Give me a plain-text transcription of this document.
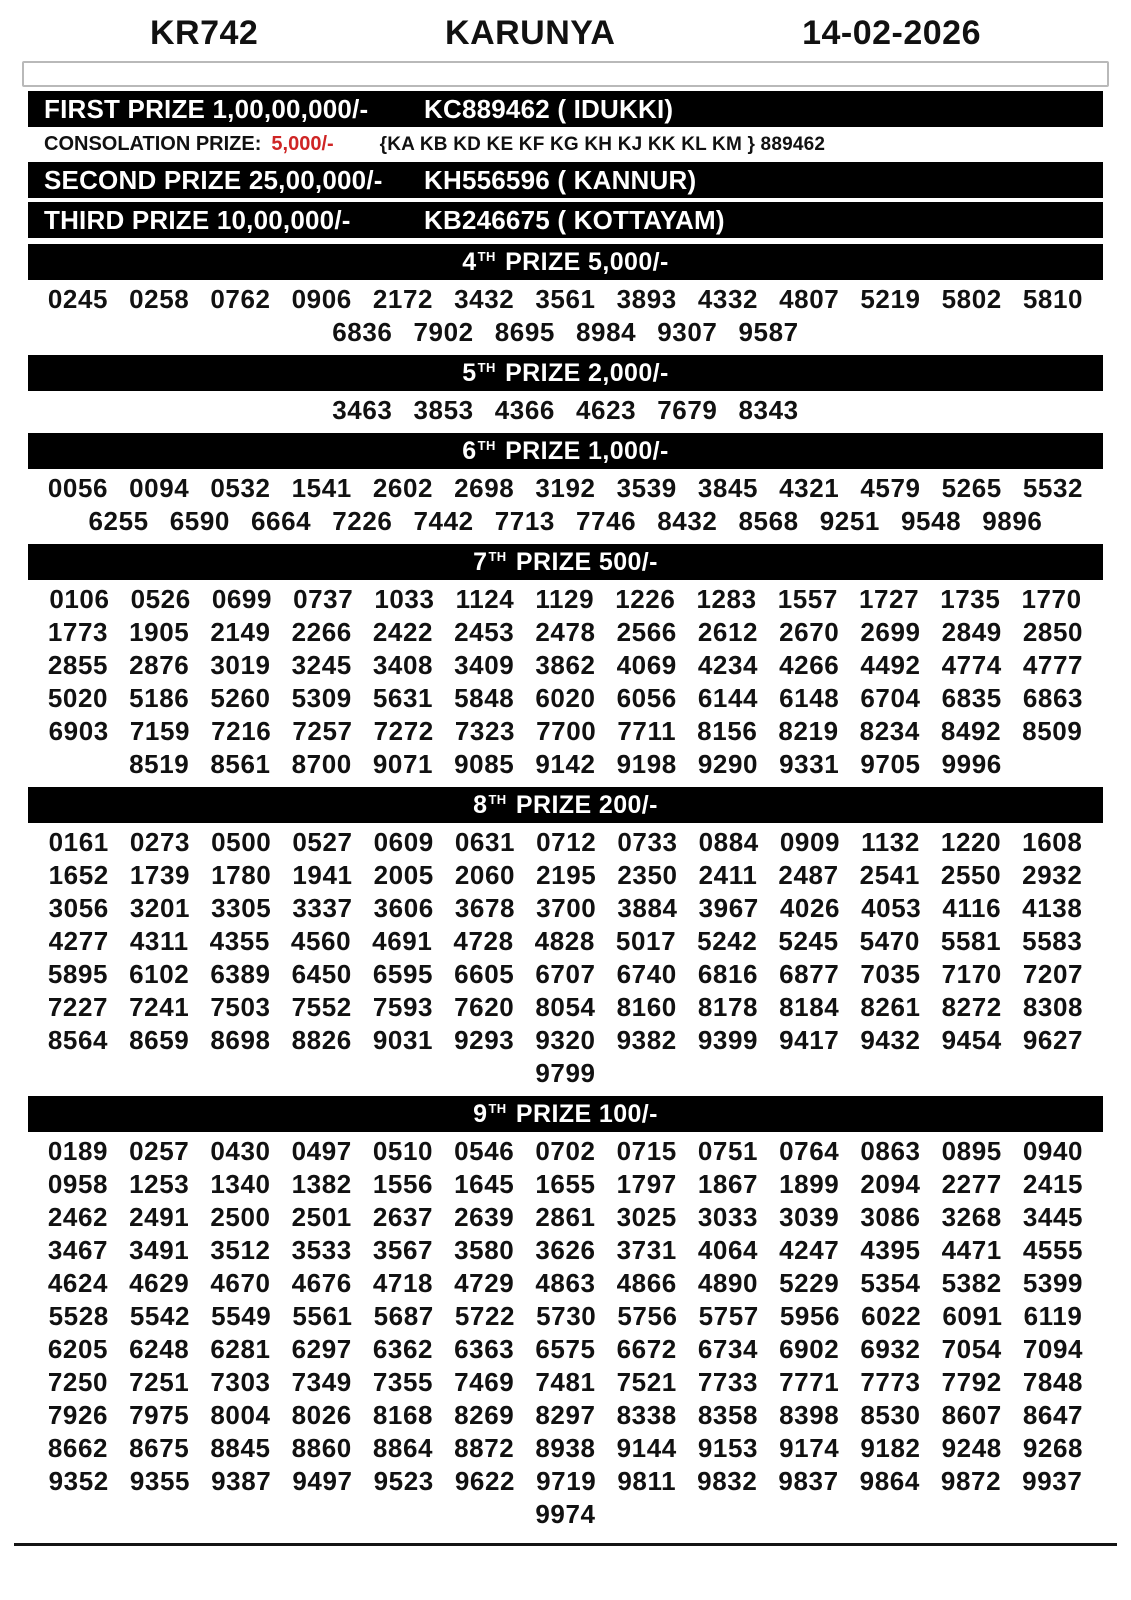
KR742	KARUNYA	14-02-2026
FIRST PRIZE 1,00,00,000/-	KC889462 ( IDUKKI)
CONSOLATION PRIZE: 5,000/- {KA KB KD KE KF KG KH KJ KK KL KM } 889462
SECOND PRIZE 25,00,000/-	KH556596 ( KANNUR)
THIRD PRIZE 10,00,000/-	KB246675 ( KOTTAYAM)
4 TH PRIZE 5,000/-
0245 0258 0762 0906 2172 3432 3561 3893 4332 4807 5219 5802 5810
6836 7902 8695 8984 9307 9587
5 TH PRIZE 2,000/-
3463 3853 4366 4623 7679 8343
6 TH PRIZE 1,000/-
0056 0094 0532 1541 2602 2698 3192 3539 3845 4321 4579 5265 5532
6255 6590 6664 7226 7442 7713 7746 8432 8568 9251 9548 9896
7 TH PRIZE 500/-
0106 0526 0699 0737 1033 1124 1129 1226 1283 1557 1727 1735 1770
1773 1905 2149 2266 2422 2453 2478 2566 2612 2670 2699 2849 2850
2855 2876 3019 3245 3408 3409 3862 4069 4234 4266 4492 4774 4777
5020 5186 5260 5309 5631 5848 6020 6056 6144 6148 6704 6835 6863
6903 7159 7216 7257 7272 7323 7700 7711 8156 8219 8234 8492 8509
8519 8561 8700 9071 9085 9142 9198 9290 9331 9705 9996
8 TH PRIZE 200/-
0161 0273 0500 0527 0609 0631 0712 0733 0884 0909 1132 1220 1608
1652 1739 1780 1941 2005 2060 2195 2350 2411 2487 2541 2550 2932
3056 3201 3305 3337 3606 3678 3700 3884 3967 4026 4053 4116 4138
4277 4311 4355 4560 4691 4728 4828 5017 5242 5245 5470 5581 5583
5895 6102 6389 6450 6595 6605 6707 6740 6816 6877 7035 7170 7207
7227 7241 7503 7552 7593 7620 8054 8160 8178 8184 8261 8272 8308
8564 8659 8698 8826 9031 9293 9320 9382 9399 9417 9432 9454 9627
9799
9 TH PRIZE 100/-
0189 0257 0430 0497 0510 0546 0702 0715 0751 0764 0863 0895 0940
0958 1253 1340 1382 1556 1645 1655 1797 1867 1899 2094 2277 2415
2462 2491 2500 2501 2637 2639 2861 3025 3033 3039 3086 3268 3445
3467 3491 3512 3533 3567 3580 3626 3731 4064 4247 4395 4471 4555
4624 4629 4670 4676 4718 4729 4863 4866 4890 5229 5354 5382 5399
5528 5542 5549 5561 5687 5722 5730 5756 5757 5956 6022 6091 6119
6205 6248 6281 6297 6362 6363 6575 6672 6734 6902 6932 7054 7094
7250 7251 7303 7349 7355 7469 7481 7521 7733 7771 7773 7792 7848
7926 7975 8004 8026 8168 8269 8297 8338 8358 8398 8530 8607 8647
8662 8675 8845 8860 8864 8872 8938 9144 9153 9174 9182 9248 9268
9352 9355 9387 9497 9523 9622 9719 9811 9832 9837 9864 9872 9937
9974
